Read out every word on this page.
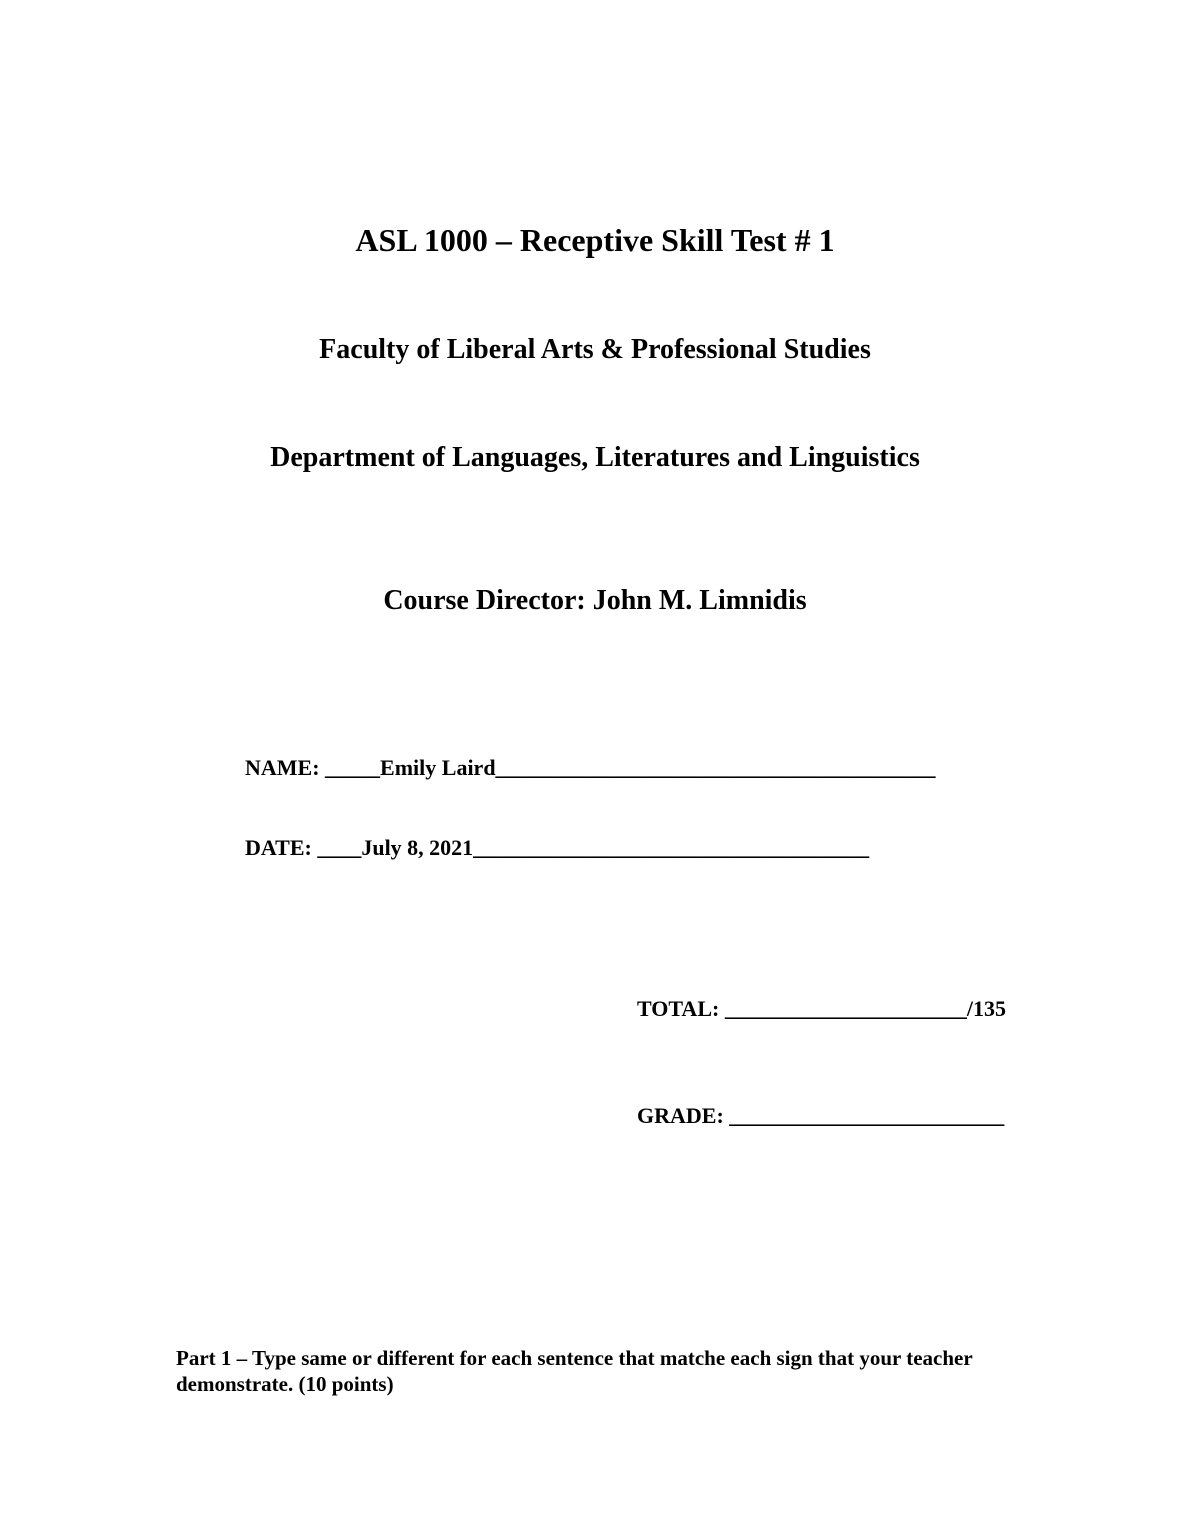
ASL 1000 – Receptive Skill Test # 1
Faculty of Liberal Arts & Professional Studies
Department of Languages, Literatures and Linguistics
Course Director: John M. Limnidis
NAME: _____Emily Laird________________________________________
DATE: ____July 8, 2021____________________________________
TOTAL: ______________________/135
GRADE: _________________________
Part 1 – Type same or different for each sentence that matche each sign that your teacher demonstrate. (10 points)
